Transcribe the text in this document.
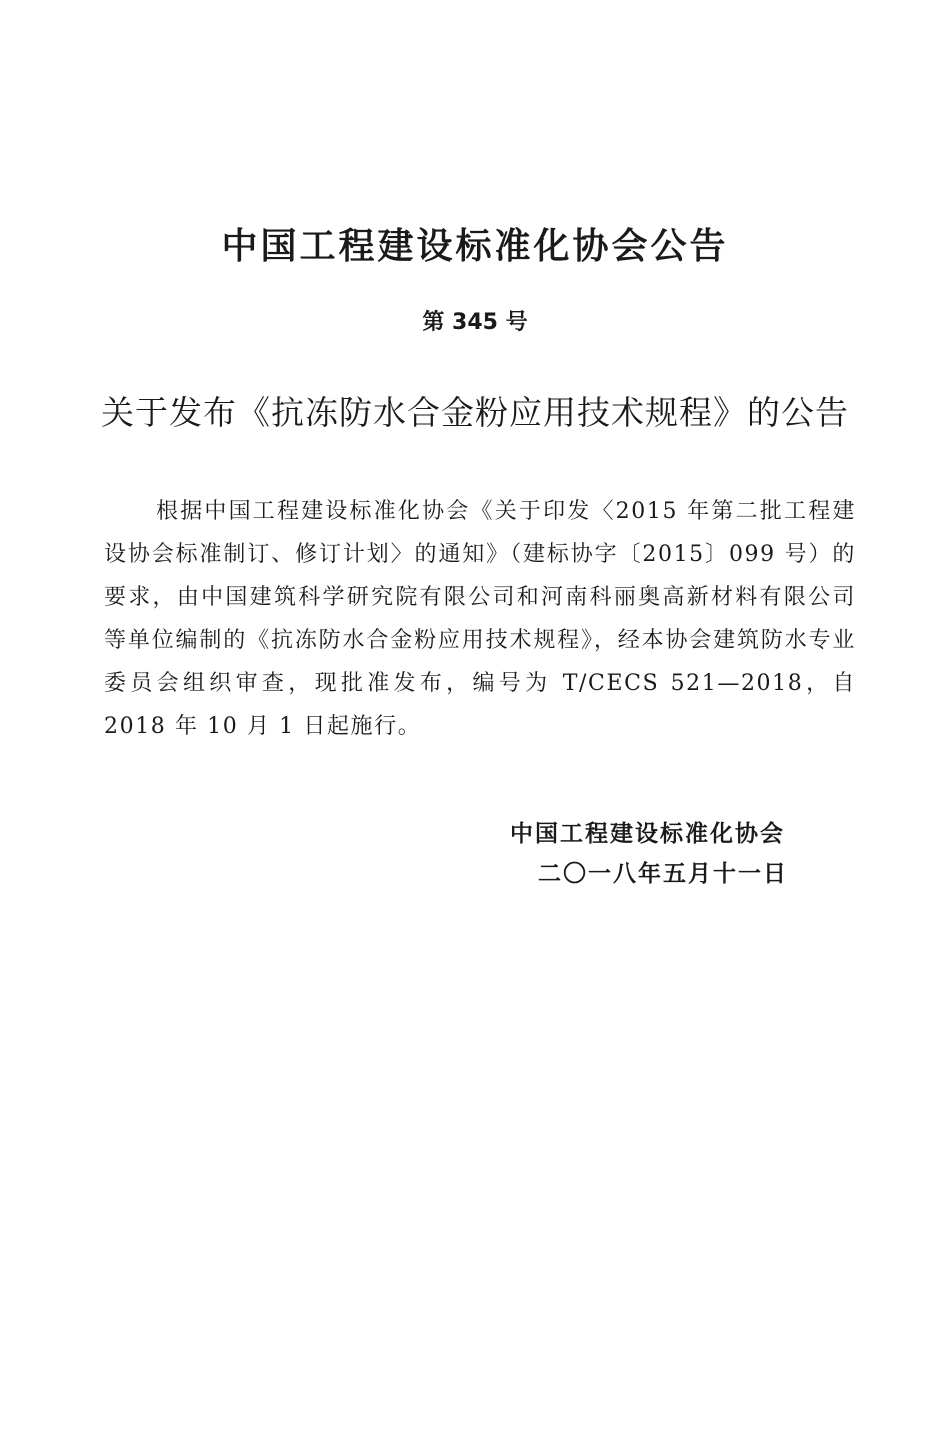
中国工程建设标准化协会公告
第 345 号
关于发布《抗冻防水合金粉应用技术规程》的公告

根据中国工程建设标准化协会《关于印发〈2015 年第二批工程建设协会标准制订、修订计划〉的通知》（建标协字〔2015〕099 号）的要求，由中国建筑科学研究院有限公司和河南科丽奥高新材料有限公司等单位编制的《抗冻防水合金粉应用技术规程》，经本协会建筑防水专业委员会组织审查，现批准发布，编号为 T/CECS 521—2018，自 2018 年 10 月 1 日起施行。

中国工程建设标准化协会
二〇一八年五月十一日
